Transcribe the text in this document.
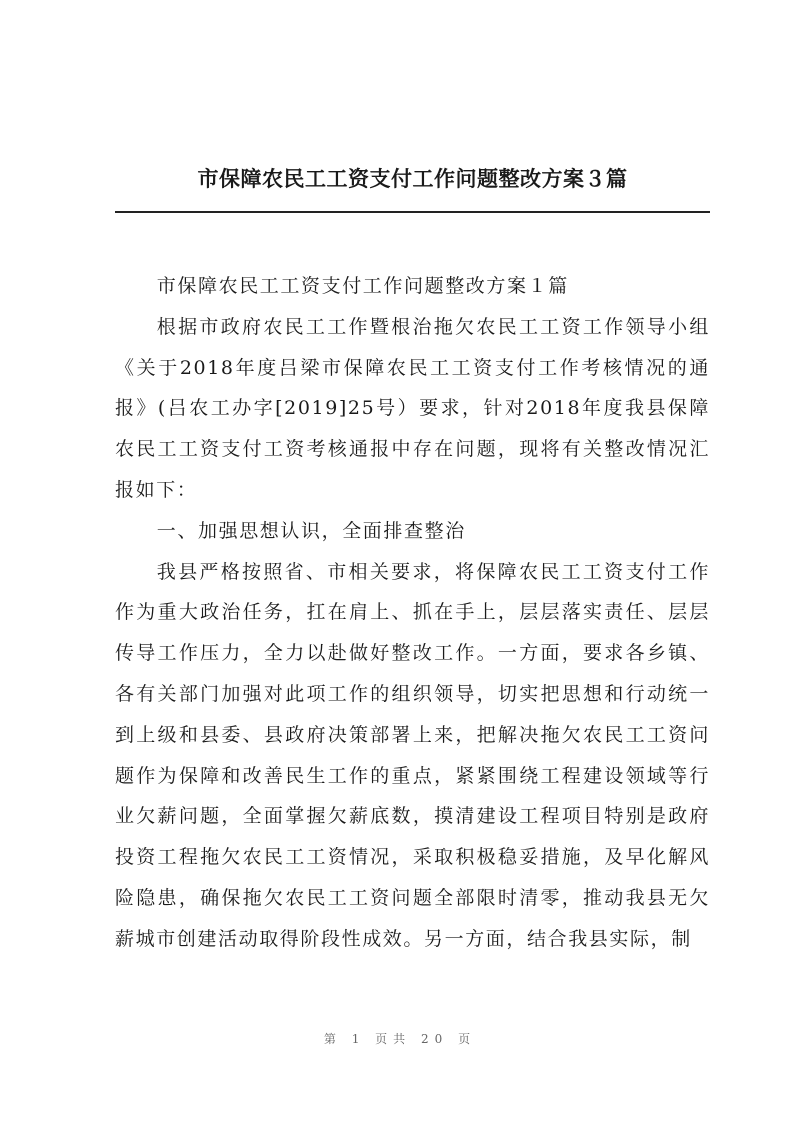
市保障农民工工资支付工作问题整改方案３篇

市保障农民工工资支付工作问题整改方案１篇

根据市政府农民工工作暨根治拖欠农民工工资工作领导小组《关于2018年度吕梁市保障农民工工资支付工作考核情况的通报》(吕农工办字[2019]25号）要求，针对2018年度我县保障农民工工资支付工资考核通报中存在问题，现将有关整改情况汇报如下：

一、加强思想认识，全面排查整治

我县严格按照省、市相关要求，将保障农民工工资支付工作作为重大政治任务，扛在肩上、抓在手上，层层落实责任、层层传导工作压力，全力以赴做好整改工作。一方面，要求各乡镇、各有关部门加强对此项工作的组织领导，切实把思想和行动统一到上级和县委、县政府决策部署上来，把解决拖欠农民工工资问题作为保障和改善民生工作的重点，紧紧围绕工程建设领域等行业欠薪问题，全面掌握欠薪底数，摸清建设工程项目特别是政府投资工程拖欠农民工工资情况，采取积极稳妥措施，及早化解风险隐患，确保拖欠农民工工资问题全部限时清零，推动我县无欠薪城市创建活动取得阶段性成效。另一方面，结合我县实际，制

第 1 页共 20 页
